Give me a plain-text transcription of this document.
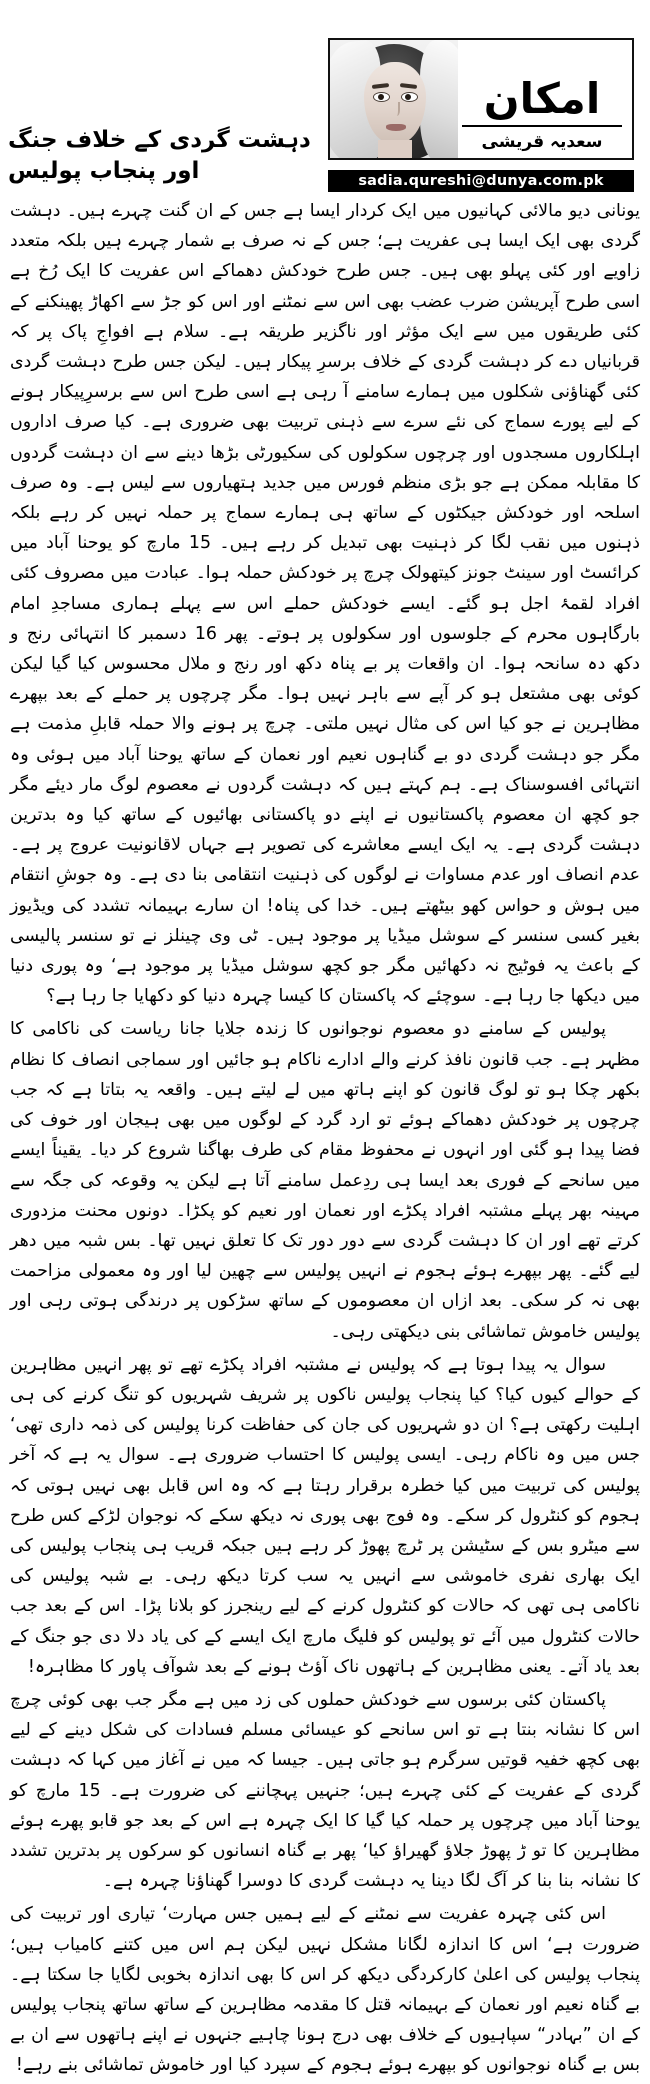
امکان
سعدیہ قریشی
sadia.qureshi@dunya.com.pk
دہشت گردی کے خلاف جنگ اور پنجاب پولیس

یونانی دیو مالائی کہانیوں میں ایک کردار ایسا ہے جس کے ان گنت چہرے ہیں۔ دہشت گردی بھی ایک ایسا ہی عفریت ہے؛ جس کے نہ صرف بے شمار چہرے ہیں بلکہ متعدد زاویے اور کئی پہلو بھی ہیں۔ جس طرح خودکش دھماکے اس عفریت کا ایک رُخ ہے اسی طرح آپریشن ضرب عضب بھی اس سے نمٹنے اور اس کو جڑ سے اکھاڑ پھینکنے کے کئی طریقوں میں سے ایک مؤثر اور ناگزیر طریقہ ہے۔ سلام ہے افواجِ پاک پر کہ قربانیاں دے کر دہشت گردی کے خلاف برسرِ پیکار ہیں۔ لیکن جس طرح دہشت گردی کئی گھناؤنی شکلوں میں ہمارے سامنے آ رہی ہے اسی طرح اس سے برسرِپیکار ہونے کے لیے پورے سماج کی نئے سرے سے ذہنی تربیت بھی ضروری ہے۔ کیا صرف ادارو‌ں‌ اہلکاروں‌ مسجدوں اور چرچوں سکولوں کی سکیورٹی بڑھا دینے سے ان دہشت گردوں کا مقابلہ ممکن ہے جو بڑی منظم فورس میں جدید ہتھیاروں سے لیس ہے۔ وہ صرف اسلحہ اور خودکش جیکٹوں کے ساتھ ہی ہمارے سماج پر حملہ نہیں کر رہے بلکہ ذہنوں میں نقب لگا کر ذہنیت بھی تبدیل کر رہے ہیں۔ 15 مارچ کو یوحنا آباد میں کرائسٹ اور سینٹ جونز کیتھولک چرچ پر خودکش حملہ ہوا۔ عبادت میں مصروف کئی افراد لقمۂ اجل ہو گئے۔ ایسے خودکش حملے اس سے پہلے ہماری مساجدِ امام بارگاہوں محرم کے جلوسوں اور سکولوں پر ہوتے۔ پھر 16 دسمبر کا انتہائی رنج و دکھ دہ سانحہ ہوا۔ ان واقعات پر بے پناہ دکھ اور رنج و ملال محسوس کیا گیا لیکن کوئی بھی مشتعل ہو کر آپے سے باہر نہیں ہوا۔ مگر چرچوں پر حملے کے بعد بپھرے مظاہرین نے جو کیا اس کی مثال نہیں ملتی۔ چرچ پر ہونے والا حملہ قابلِ مذمت ہے مگر جو دہشت گردی دو بے گناہوں نعیم اور نعمان کے ساتھ یوحنا آباد میں ہوئی وہ انتہائی افسوسناک ہے۔ ہم کہتے ہیں کہ دہشت گردوں نے معصوم لوگ مار دیئے مگر جو کچھ ان معصوم پاکستانیوں نے اپنے دو پاکستانی بھائیوں کے ساتھ کیا وہ بدترین دہشت گردی ہے۔ یہ ایک ایسے معاشرے کی تصویر ہے جہاں لاقانونیت عروج پر ہے۔ عدم انصاف اور عدم مساوات نے لوگوں کی ذہنیت انتقامی بنا دی ہے۔ وہ جوشِ انتقام میں ہوش و حواس کھو بیٹھتے ہیں۔ خدا کی پناہ! ان سارے بہیمانہ تشدد کی ویڈیوز بغیر کسی سنسر کے سوشل میڈیا پر موجود ہیں۔ ٹی وی چینلز نے تو سنسر پالیسی کے باعث یہ فوٹیج نہ دکھائیں مگر جو کچھ سوشل میڈیا پر موجود ہے‘ وہ پوری دنیا میں دیکھا جا رہا ہے۔ سوچئے کہ پاکستان کا کیسا چہرہ دنیا کو دکھایا جا رہا ہے؟

پولیس کے سامنے دو معصوم نوجوانوں کا زندہ جلایا جانا ریاست کی ناکامی کا مظہر ہے۔ جب قانون نافذ کرنے والے ادارے ناکام ہو جائیں اور سماجی انصاف کا نظام بکھر چکا ہو تو لوگ قانون کو اپنے ہاتھ میں لے لیتے ہیں۔ واقعہ یہ بتاتا ہے کہ جب چرچوں پر خودکش دھماکے ہوئے تو ارد گرد کے لوگوں میں بھی ہیجان اور خوف کی فضا پیدا ہو گئی اور انہوں نے محفوظ مقام کی طرف بھاگنا شروع کر دیا۔ یقیناً ایسے میں سانحے کے فوری بعد ایسا ہی ردِعمل سامنے آتا ہے لیکن یہ وقوعہ کی جگہ سے مہینہ بھر پہلے مشتبہ افراد پکڑے اور نعمان اور نعیم کو پکڑا۔ دونوں محنت مزدوری کرتے تھے اور ان کا دہشت گردی سے دور دور تک کا تعلق نہیں تھا۔ بس شبہ میں دھر لیے گئے۔ پھر بپھرے ہوئے ہجوم نے انہیں پولیس سے چھین لیا اور وہ معمولی مزاحمت بھی نہ کر سکی۔ بعد ازاں ان معصوموں کے ساتھ سڑکوں پر درندگی ہوتی رہی اور پولیس خاموش تماشائی بنی دیکھتی رہی۔

سوال یہ پیدا ہوتا ہے کہ پولیس نے مشتبہ افراد پکڑے تھے تو پھر انہیں مظاہرین کے حوالے کیوں کیا؟ کیا پنجاب پولیس ناکوں پر شریف شہریوں کو تنگ کرنے کی ہی اہلیت رکھتی ہے؟ ان دو شہریوں کی جان کی حفاظت کرنا پولیس کی ذمہ داری تھی‘ جس میں وہ ناکام رہی۔ ایسی پولیس کا احتساب ضروری ہے۔ سوال یہ ہے کہ آخر پولیس کی تربیت میں کیا خطرہ برقرار رہتا ہے کہ وہ اس قابل بھی نہیں ہوتی کہ ہجوم کو کنٹرول کر سکے۔ وہ فوج بھی پوری نہ دیکھ سکے کہ نوجوان لڑکے کس طرح سے میٹرو بس کے سٹیشن پر ٹرچ پھوڑ کر رہے ہیں جبکہ قریب ہی پنجاب پولیس کی ایک بھاری نفری خاموشی سے انہیں یہ سب کرتا دیکھ رہی۔ بے شبہ پولیس کی ناکامی ہی تھی کہ حالات کو کنٹرول کرنے کے لیے رینجرز کو بلانا پڑا۔ اس کے بعد جب حالات کنٹرول میں آئے تو پولیس کو فلیگ مارچ ایک ایسے کے کی یاد دلا دی جو جنگ کے بعد یاد آتے۔ یعنی مظاہرین کے ہاتھوں ناک آؤٹ ہونے کے بعد شوآف پاور کا مظاہرہ!

پاکستان کئی برسوں سے خودکش حملوں کی زد میں ہے مگر جب بھی کوئی چرچ اس کا نشانہ بنتا ہے تو اس سانحے کو عیسائی مسلم فسادات کی شکل دینے کے لیے بھی کچھ خفیہ قوتیں سرگرم ہو جاتی ہیں۔ جیسا کہ میں نے آغاز میں کہا کہ دہشت گردی کے عفریت کے کئی چہرے ہیں؛ جنہیں پہچاننے کی ضرورت ہے۔ 15 مارچ کو یوحنا آباد میں چرچوں پر حملہ کیا گیا کا ایک چہرہ ہے اس کے بعد جو قابو پھرے ہوئے مظاہرین کا تو ڑ پھوڑ جلاؤ گھیراؤ کیا‘ پھر بے گناہ انسانوں کو سرکوں پر بدترین تشدد کا نشانہ بنا بنا کر آگ لگا دینا یہ دہشت گردی کا دوسرا گھناؤنا چہرہ ہے۔

اس کئی چہرہ عفریت سے نمٹنے کے لیے ہمیں جس مہارت‘ تیاری اور تربیت کی ضرورت ہے‘ اس کا اندازہ لگانا مشکل نہیں لیکن ہم اس میں کتنے کامیاب ہیں؛ پنجاب پولیس کی اعلیٰ کارکردگی دیکھ کر اس کا بھی اندازہ بخوبی لگایا جا سکتا ہے۔ بے گناہ نعیم اور نعمان کے بہیمانہ قتل کا مقدمہ مظاہرین کے ساتھ ساتھ پنجاب پولیس کے ان ”بہادر“ سپاہیوں کے خلاف بھی درج ہونا چاہیے جنہوں نے اپنے ہاتھوں سے ان بے بس بے گناہ نوجوانوں کو بپھرے ہوئے ہجوم کے سپرد کیا اور خاموش تماشائی بنے رہے!
